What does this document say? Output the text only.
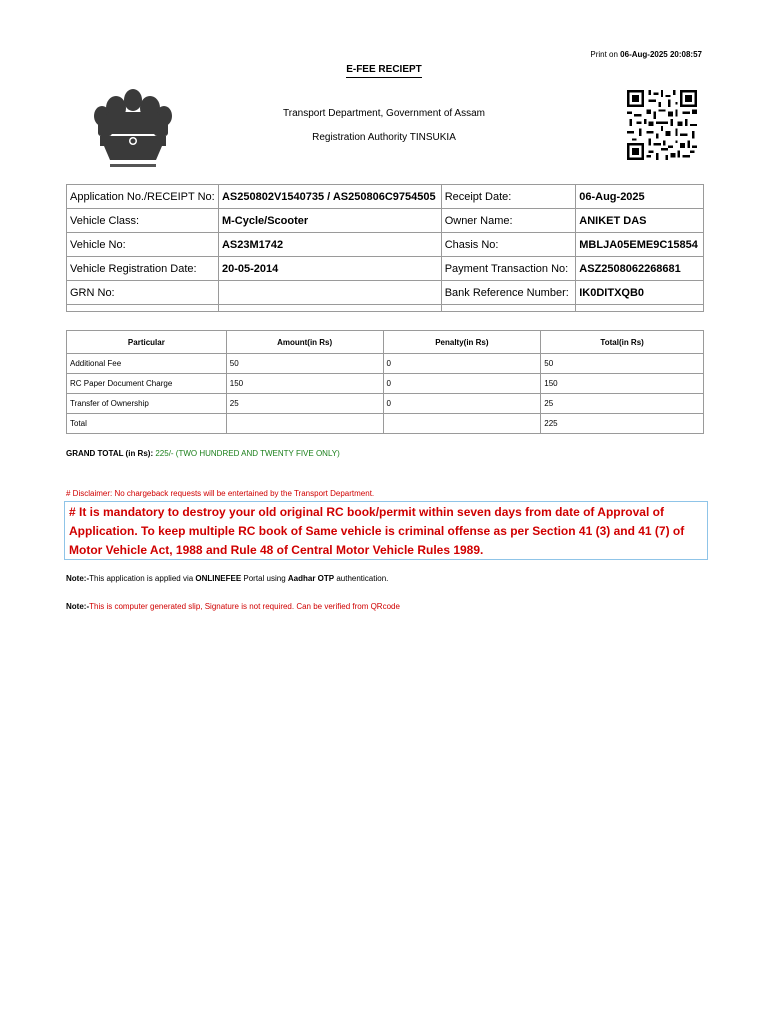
Print on 06-Aug-2025 20:08:57
E-FEE RECIEPT
Transport Department, Government of Assam
Registration Authority TINSUKIA
Application No./RECEIPT No:	AS250802V1540735 / AS250806C9754505	Receipt Date:	06-Aug-2025
Vehicle Class:	M-Cycle/Scooter	Owner Name:	ANIKET DAS
Vehicle No:	AS23M1742	Chasis No:	MBLJA05EME9C15854
Vehicle Registration Date:	20-05-2014	Payment Transaction No:	ASZ2508062268681
GRN No:		Bank Reference Number:	IK0DITXQB0

Particular	Amount(in Rs)	Penalty(in Rs)	Total(in Rs)
Additional Fee	50	0	50
RC Paper Document Charge	150	0	150
Transfer of Ownership	25	0	25
Total			225
GRAND TOTAL (in Rs): 225/- (TWO HUNDRED AND TWENTY FIVE ONLY)
# Disclaimer: No chargeback requests will be entertained by the Transport Department.
# It is mandatory to destroy your old original RC book/permit within seven days from date of Approval of Application. To keep multiple RC book of Same vehicle is criminal offense as per Section 41 (3) and 41 (7) of Motor Vehicle Act, 1988 and Rule 48 of Central Motor Vehicle Rules 1989.
Note:-This application is applied via ONLINEFEE Portal using Aadhar OTP authentication.
Note:-This is computer generated slip, Signature is not required. Can be verified from QRcode
